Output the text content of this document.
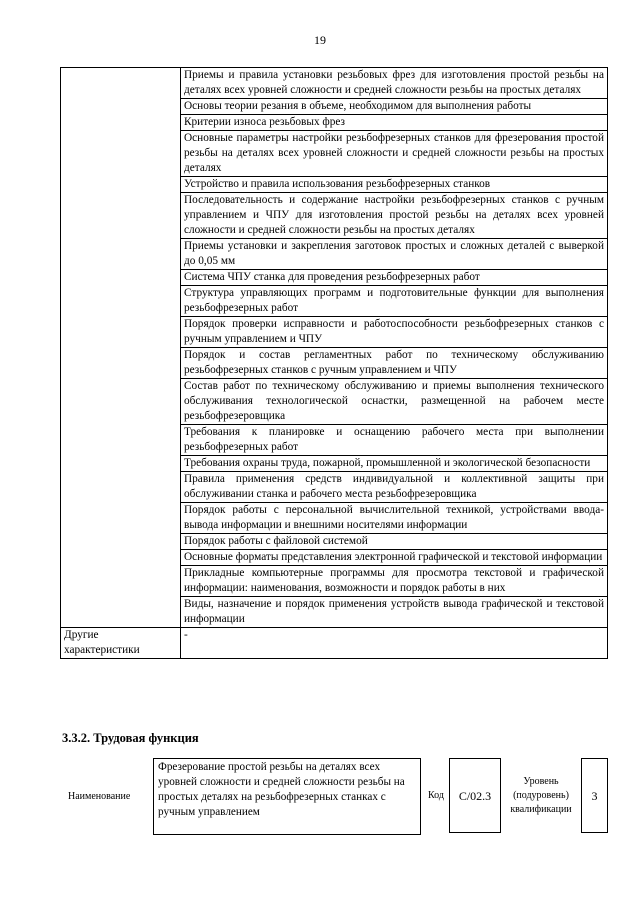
19
	Приемы и правила установки резьбовых фрез для изготовления простой резьбы на деталях всех уровней сложности и средней сложности резьбы на простых деталях
	Основы теории резания в объеме, необходимом для выполнения работы
	Критерии износа резьбовых фрез
	Основные параметры настройки резьбофрезерных станков для фрезерования простой резьбы на деталях всех уровней сложности и средней сложности резьбы на простых деталях
	Устройство и правила использования резьбофрезерных станков
	Последовательность и содержание настройки резьбофрезерных станков с ручным управлением и ЧПУ для изготовления простой резьбы на деталях всех уровней сложности и средней сложности резьбы на простых деталях
	Приемы установки и закрепления заготовок простых и сложных деталей с выверкой до 0,05 мм
	Система ЧПУ станка для проведения резьбофрезерных работ
	Структура управляющих программ и подготовительные функции для выполнения резьбофрезерных работ
	Порядок проверки исправности и работоспособности резьбофрезерных станков с ручным управлением и ЧПУ
	Порядок и состав регламентных работ по техническому обслуживанию резьбофрезерных станков с ручным управлением и ЧПУ
	Состав работ по техническому обслуживанию и приемы выполнения технического обслуживания технологической оснастки, размещенной на рабочем месте резьбофрезеровщика
	Требования к планировке и оснащению рабочего места при выполнении резьбофрезерных работ
	Требования охраны труда, пожарной, промышленной и экологической безопасности
	Правила применения средств индивидуальной и коллективной защиты при обслуживании станка и рабочего места резьбофрезеровщика
	Порядок работы с персональной вычислительной техникой, устройствами ввода-вывода информации и внешними носителями информации
	Порядок работы с файловой системой
	Основные форматы представления электронной графической и текстовой информации
	Прикладные компьютерные программы для просмотра текстовой и графической информации: наименования, возможности и порядок работы в них
	Виды, назначение и порядок применения устройств вывода графической и текстовой информации
Другие характеристики	-
3.3.2. Трудовая функция
Наименование
Фрезерование простой резьбы на деталях всех уровней сложности и средней сложности резьбы на простых деталях на резьбофрезерных станках с ручным управлением
Код	C/02.3
Уровень (подуровень) квалификации
3
